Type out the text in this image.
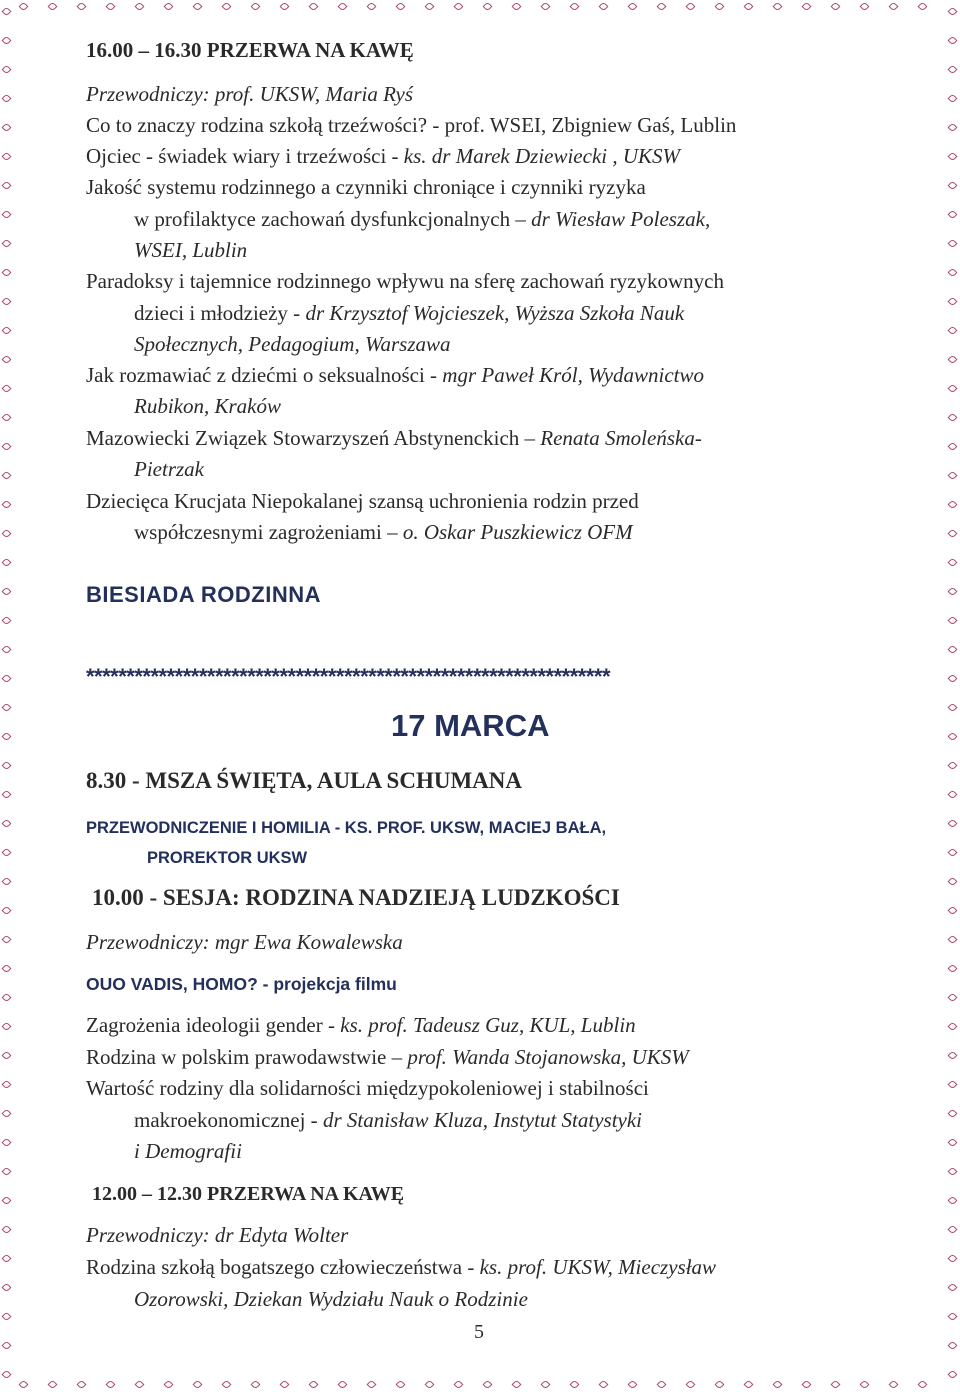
16.00 – 16.30 PRZERWA NA KAWĘ
Przewodniczy: prof. UKSW, Maria Ryś
Co to znaczy rodzina szkołą trzeźwości? - prof. WSEI, Zbigniew Gaś, Lublin
Ojciec - świadek wiary i trzeźwości - ks. dr Marek Dziewiecki , UKSW
Jakość systemu rodzinnego a czynniki chroniące i czynniki ryzyka
w profilaktyce zachowań dysfunkcjonalnych – dr Wiesław Poleszak,
WSEI, Lublin
Paradoksy i tajemnice rodzinnego wpływu na sferę zachowań ryzykownych
dzieci i młodzieży - dr Krzysztof Wojcieszek, Wyższa Szkoła Nauk
Społecznych, Pedagogium, Warszawa
Jak rozmawiać z dziećmi o seksualności - mgr Paweł Król, Wydawnictwo
Rubikon, Kraków
Mazowiecki Związek Stowarzyszeń Abstynenckich – Renata Smoleńska-
Pietrzak
Dziecięca Krucjata Niepokalanej szansą uchronienia rodzin przed
współczesnymi zagrożeniami – o. Oskar Puszkiewicz OFM
BIESIADA RODZINNA
*****************************************************************
17 MARCA
8.30 - MSZA ŚWIĘTA, AULA SCHUMANA
PRZEWODNICZENIE I HOMILIA - KS. PROF. UKSW, MACIEJ BAŁA,
PROREKTOR UKSW
10.00 - SESJA: RODZINA NADZIEJĄ LUDZKOŚCI
Przewodniczy: mgr Ewa Kowalewska
OUO VADIS, HOMO? - projekcja filmu
Zagrożenia ideologii gender - ks. prof. Tadeusz Guz, KUL, Lublin
Rodzina w polskim prawodawstwie – prof. Wanda Stojanowska, UKSW
Wartość rodziny dla solidarności międzypokoleniowej i stabilności
makroekonomicznej - dr Stanisław Kluza, Instytut Statystyki
i Demografii
12.00 – 12.30 PRZERWA NA KAWĘ
Przewodniczy: dr Edyta Wolter
Rodzina szkołą bogatszego człowieczeństwa - ks. prof. UKSW, Mieczysław
Ozorowski, Dziekan Wydziału Nauk o Rodzinie
5
